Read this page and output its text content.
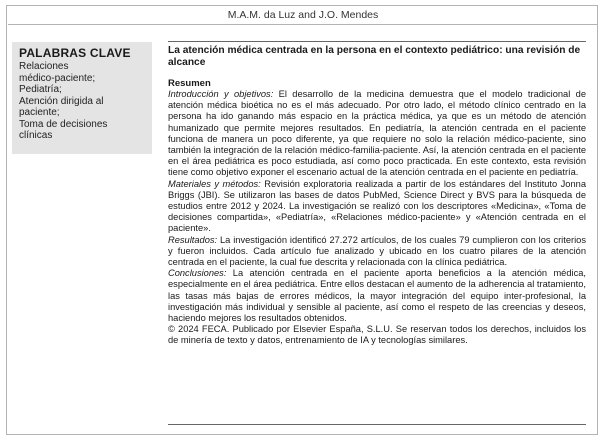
M.A.M. da Luz and J.O. Mendes
PALABRAS CLAVE
Relaciones
médico-paciente;
Pediatría;
Atención dirigida al
paciente;
Toma de decisiones
clínicas
La atención médica centrada en la persona en el contexto pediátrico: una revisión de alcance
Resumen

Introducción y objetivos: El desarrollo de la medicina demuestra que el modelo tradicional de atención médica bioética no es el más adecuado. Por otro lado, el método clínico centrado en la persona ha ido ganando más espacio en la práctica médica, ya que es un método de atención humanizado que permite mejores resultados. En pediatría, la atención centrada en el paciente funciona de manera un poco diferente, ya que requiere no solo la relación médico-paciente, sino también la integración de la relación médico-familia-paciente. Así, la atención centrada en el paciente en el área pediátrica es poco estudiada, así como poco practicada. En este contexto, esta revisión tiene como objetivo exponer el escenario actual de la atención centrada en el paciente en pediatría.

Materiales y métodos: Revisión exploratoria realizada a partir de los estándares del Instituto Jonna Briggs (JBI). Se utilizaron las bases de datos PubMed, Science Direct y BVS para la búsqueda de estudios entre 2012 y 2024. La investigación se realizó con los descriptores «Medicina», «Toma de decisiones compartida», «Pediatría», «Relaciones médico-paciente» y «Atención centrada en el paciente».

Resultados: La investigación identificó 27.272 artículos, de los cuales 79 cumplieron con los criterios y fueron incluidos. Cada artículo fue analizado y ubicado en los cuatro pilares de la atención centrada en el paciente, la cual fue descrita y relacionada con la clínica pediátrica.

Conclusiones: La atención centrada en el paciente aporta beneficios a la atención médica, especialmente en el área pediátrica. Entre ellos destacan el aumento de la adherencia al tratamiento, las tasas más bajas de errores médicos, la mayor integración del equipo inter-profesional, la investigación más individual y sensible al paciente, así como el respeto de las creencias y deseos, haciendo mejores los resultados obtenidos.

© 2024 FECA. Publicado por Elsevier España, S.L.U. Se reservan todos los derechos, incluidos los de minería de texto y datos, entrenamiento de IA y tecnologías similares.
